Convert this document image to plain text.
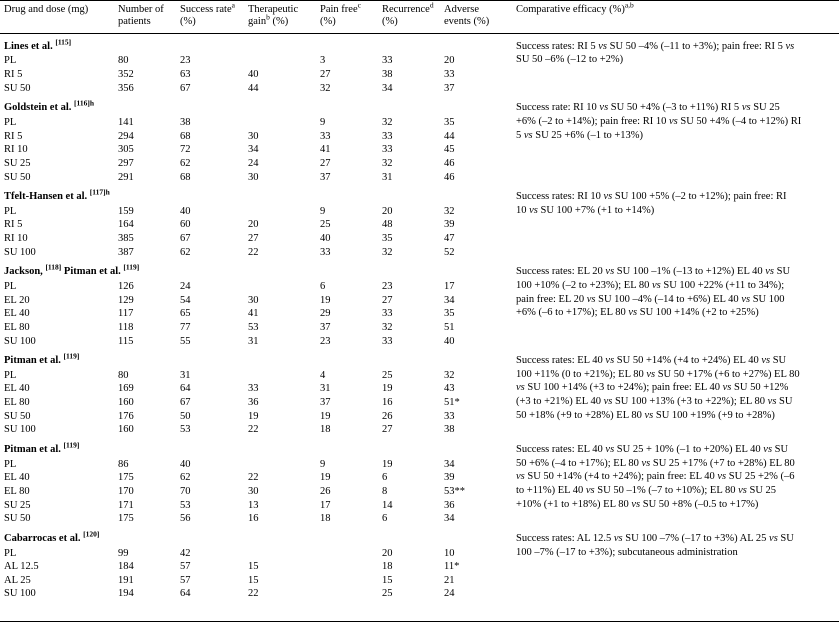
Drug and dose (mg)	Number of patients	Success rate$^a$ (%)	Therapeutic gain$^b$ (%)	Pain free$^c$ (%)	Recurrence$^d$ (%)	Adverse events (%)	Comparative efficacy (%)$^{a,b}$
Lines et al. [115]							Success rates: RI 5 vs SU 50 –4% (–11 to +3%); pain free: RI 5 vs
SU 50 –6% (–12 to +2%)

PL	80	23		3	33	20	
RI 5	352	63	40	27	38	33	
SU 50	356	67	44	32	34	37	
Goldstein et al. $^{[116]h}$							Success rate: RI 10 vs SU 50 +4% (–3 to +11%) RI 5 vs SU 25
+6% (–2 to +14%); pain free: RI 10 vs SU 50 +4% (–4 to +12%) RI
5 vs SU 25 +6% (–1 to +13%)

PL	141	38		9	32	35	
RI 5	294	68	30	33	33	44	
RI 10	305	72	34	41	33	45	
SU 25	297	62	24	27	32	46	
SU 50	291	68	30	37	31	46	
Tfelt-Hansen et al. $^{[117]h}$							Success rates: RI 10 vs SU 100 +5% (–2 to +12%); pain free: RI
10 vs SU 100 +7% (+1 to +14%)

PL	159	40		9	20	32	
RI 5	164	60	20	25	48	39	
RI 10	385	67	27	40	35	47	
SU 100	387	62	22	33	32	52	
Jackson, [118] Pitman et al. [119]							Success rates: EL 20 vs SU 100 –1% (–13 to +12%) EL 40 vs SU
100 +10% (–2 to +23%); EL 80 vs SU 100 +22% (+11 to 34%);
pain free: EL 20 vs SU 100 –4% (–14 to +6%) EL 40 vs SU 100
+6% (–6 to +17%); EL 80 vs SU 100 +14% (+2 to +25%)

PL	126	24		6	23	17	
EL 20	129	54	30	19	27	34	
EL 40	117	65	41	29	33	35	
EL 80	118	77	53	37	32	51	
SU 100	115	55	31	23	33	40	
Pitman et al. [119]							Success rates: EL 40 vs SU 50 +14% (+4 to +24%) EL 40 vs SU
100 +11% (0 to +21%); EL 80 vs SU 50 +17% (+6 to +27%) EL 80
vs SU 100 +14% (+3 to +24%); pain free: EL 40 vs SU 50 +12%
(+3 to +21%) EL 40 vs SU 100 +13% (+3 to +22%); EL 80 vs SU
50 +18% (+9 to +28%) EL 80 vs SU 100 +19% (+9 to +28%)

PL	80	31		4	25	32	
EL 40	169	64	33	31	19	43	
EL 80	160	67	36	37	16	51*	
SU 50	176	50	19	19	26	33	
SU 100	160	53	22	18	27	38	
Pitman et al. [119]							Success rates: EL 40 vs SU 25 + 10% (–1 to +20%) EL 40 vs SU
50 +6% (–4 to +17%); EL 80 vs SU 25 +17% (+7 to +28%) EL 80
vs SU 50 +14% (+4 to +24%); pain free: EL 40 vs SU 25 +2% (–6
to +11%) EL 40 vs SU 50 –1% (–7 to +10%); EL 80 vs SU 25
+10% (+1 to +18%) EL 80 vs SU 50 +8% (–0.5 to +17%)

PL	86	40		9	19	34	
EL 40	175	62	22	19	6	39	
EL 80	170	70	30	26	8	53**	
SU 25	171	53	13	17	14	36	
SU 50	175	56	16	18	6	34	
Cabarrocas et al. [120]							Success rates: AL 12.5 vs SU 100 –7% (–17 to +3%) AL 25 vs SU
100 –7% (–17 to +3%); subcutaneous administration

PL	99	42			20	10	
AL 12.5	184	57	15		18	11*	
AL 25	191	57	15		15	21	
SU 100	194	64	22		25	24	
